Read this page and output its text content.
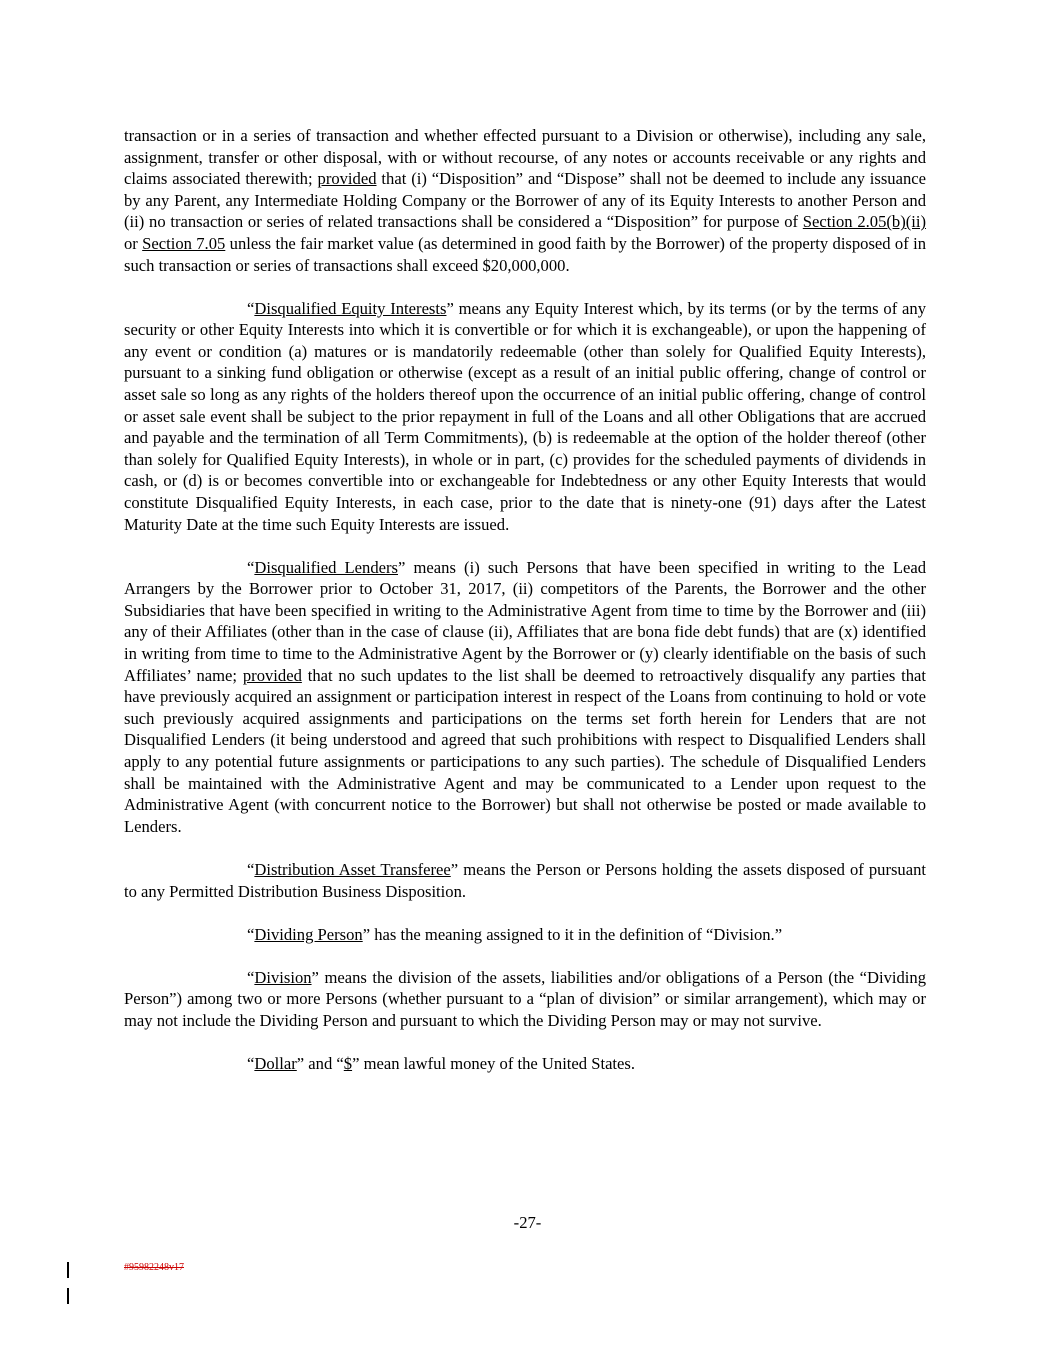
transaction or in a series of transaction and whether effected pursuant to a Division or otherwise), including any sale, assignment, transfer or other disposal, with or without recourse, of any notes or accounts receivable or any rights and claims associated therewith; provided that (i) “Disposition” and “Dispose” shall not be deemed to include any issuance by any Parent, any Intermediate Holding Company or the Borrower of any of its Equity Interests to another Person and (ii) no transaction or series of related transactions shall be considered a “Disposition” for purpose of Section 2.05(b)(ii) or Section 7.05 unless the fair market value (as determined in good faith by the Borrower) of the property disposed of in such transaction or series of transactions shall exceed $20,000,000.

“Disqualified Equity Interests” means any Equity Interest which, by its terms (or by the terms of any security or other Equity Interests into which it is convertible or for which it is exchangeable), or upon the happening of any event or condition (a) matures or is mandatorily redeemable (other than solely for Qualified Equity Interests), pursuant to a sinking fund obligation or otherwise (except as a result of an initial public offering, change of control or asset sale so long as any rights of the holders thereof upon the occurrence of an initial public offering, change of control or asset sale event shall be subject to the prior repayment in full of the Loans and all other Obligations that are accrued and payable and the termination of all Term Commitments), (b) is redeemable at the option of the holder thereof (other than solely for Qualified Equity Interests), in whole or in part, (c) provides for the scheduled payments of dividends in cash, or (d) is or becomes convertible into or exchangeable for Indebtedness or any other Equity Interests that would constitute Disqualified Equity Interests, in each case, prior to the date that is ninety-one (91) days after the Latest Maturity Date at the time such Equity Interests are issued.

“Disqualified Lenders” means (i) such Persons that have been specified in writing to the Lead Arrangers by the Borrower prior to October 31, 2017, (ii) competitors of the Parents, the Borrower and the other Subsidiaries that have been specified in writing to the Administrative Agent from time to time by the Borrower and (iii) any of their Affiliates (other than in the case of clause (ii), Affiliates that are bona fide debt funds) that are (x) identified in writing from time to time to the Administrative Agent by the Borrower or (y) clearly identifiable on the basis of such Affiliates’ name; provided that no such updates to the list shall be deemed to retroactively disqualify any parties that have previously acquired an assignment or participation interest in respect of the Loans from continuing to hold or vote such previously acquired assignments and participations on the terms set forth herein for Lenders that are not Disqualified Lenders (it being understood and agreed that such prohibitions with respect to Disqualified Lenders shall apply to any potential future assignments or participations to any such parties). The schedule of Disqualified Lenders shall be maintained with the Administrative Agent and may be communicated to a Lender upon request to the Administrative Agent (with concurrent notice to the Borrower) but shall not otherwise be posted or made available to Lenders.

“Distribution Asset Transferee” means the Person or Persons holding the assets disposed of pursuant to any Permitted Distribution Business Disposition.

“Dividing Person” has the meaning assigned to it in the definition of “Division.”

“Division” means the division of the assets, liabilities and/or obligations of a Person (the “Dividing Person”) among two or more Persons (whether pursuant to a “plan of division” or similar arrangement), which may or may not include the Dividing Person and pursuant to which the Dividing Person may or may not survive.

“Dollar” and “$” mean lawful money of the United States.

-27-
#95982248v17
